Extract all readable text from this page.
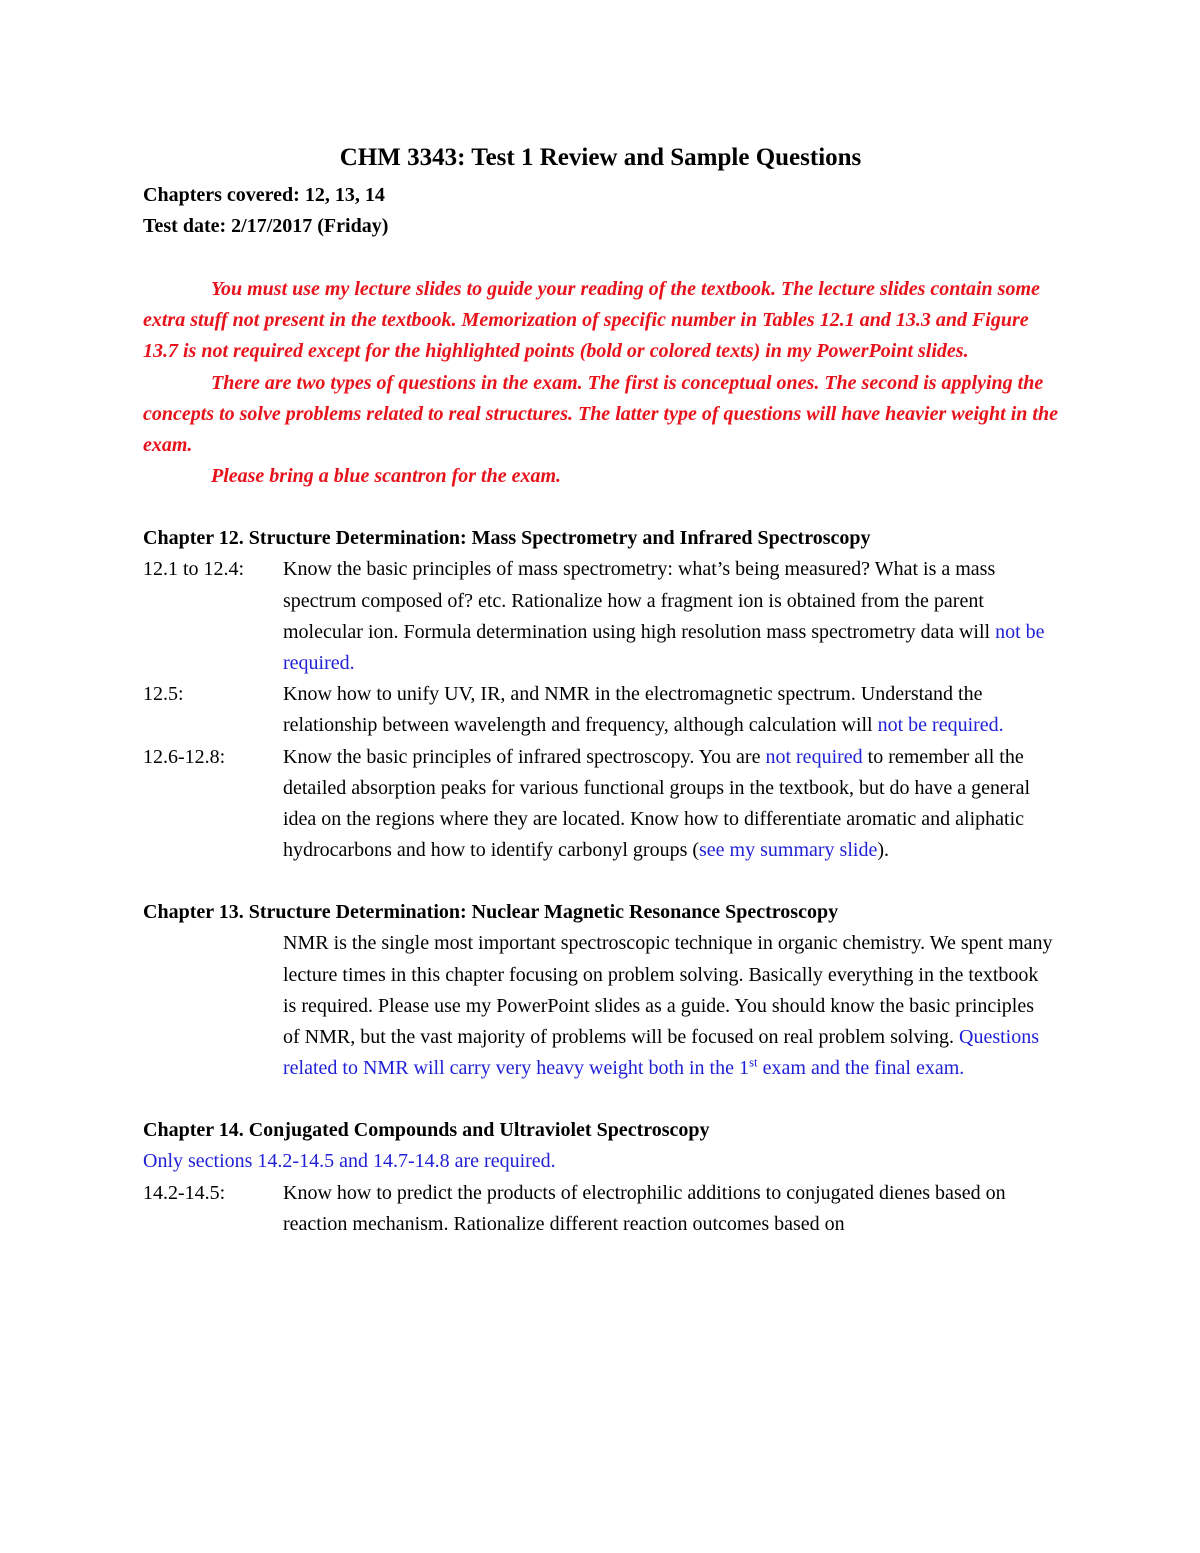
CHM 3343: Test 1 Review and Sample Questions
Chapters covered: 12, 13, 14
Test date: 2/17/2017 (Friday)

You must use my lecture slides to guide your reading of the textbook. The lecture slides contain some extra stuff not present in the textbook. Memorization of specific number in Tables 12.1 and 13.3 and Figure 13.7 is not required except for the highlighted points (bold or colored texts) in my PowerPoint slides.

There are two types of questions in the exam. The first is conceptual ones. The second is applying the concepts to solve problems related to real structures. The latter type of questions will have heavier weight in the exam.

Please bring a blue scantron for the exam.

Chapter 12. Structure Determination: Mass Spectrometry and Infrared Spectroscopy
12.1 to 12.4:	Know the basic principles of mass spectrometry: what’s being measured? What is a mass spectrum composed of? etc. Rationalize how a fragment ion is obtained from the parent molecular ion. Formula determination using high resolution mass spectrometry data will not be required.
12.5:	Know how to unify UV, IR, and NMR in the electromagnetic spectrum. Understand the relationship between wavelength and frequency, although calculation will not be required.
12.6-12.8:	Know the basic principles of infrared spectroscopy. You are not required to remember all the detailed absorption peaks for various functional groups in the textbook, but do have a general idea on the regions where they are located. Know how to differentiate aromatic and aliphatic hydrocarbons and how to identify carbonyl groups (see my summary slide).
Chapter 13. Structure Determination: Nuclear Magnetic Resonance Spectroscopy
NMR is the single most important spectroscopic technique in organic chemistry. We spent many lecture times in this chapter focusing on problem solving. Basically everything in the textbook is required. Please use my PowerPoint slides as a guide. You should know the basic principles of NMR, but the vast majority of problems will be focused on real problem solving. Questions related to NMR will carry very heavy weight both in the 1st exam and the final exam.
Chapter 14. Conjugated Compounds and Ultraviolet Spectroscopy
Only sections 14.2-14.5 and 14.7-14.8 are required.
14.2-14.5:	Know how to predict the products of electrophilic additions to conjugated dienes based on reaction mechanism. Rationalize different reaction outcomes based on
